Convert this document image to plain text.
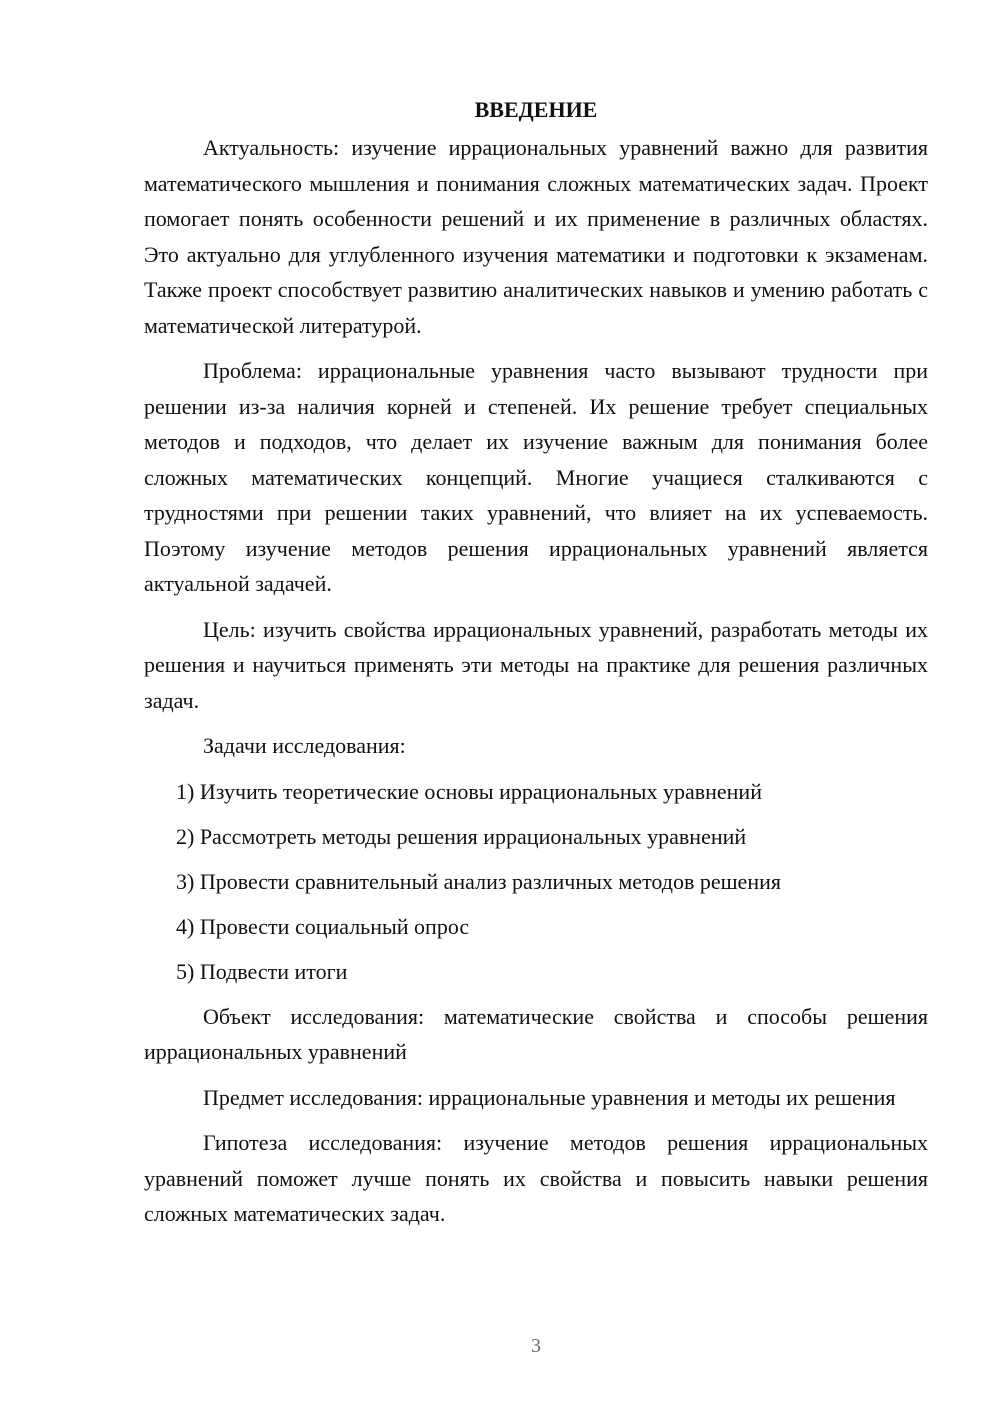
ВВЕДЕНИЕ

Актуальность: изучение иррациональных уравнений важно для развития математического мышления и понимания сложных математических задач. Проект помогает понять особенности решений и их применение в различных областях. Это актуально для углубленного изучения математики и подготовки к экзаменам. Также проект способствует развитию аналитических навыков и умению работать с математической литературой.

Проблема: иррациональные уравнения часто вызывают трудности при решении из-за наличия корней и степеней. Их решение требует специальных методов и подходов, что делает их изучение важным для понимания более сложных математических концепций. Многие учащиеся сталкиваются с трудностями при решении таких уравнений, что влияет на их успеваемость. Поэтому изучение методов решения иррациональных уравнений является актуальной задачей.

Цель: изучить свойства иррациональных уравнений, разработать методы их решения и научиться применять эти методы на практике для решения различных задач.

Задачи исследования:

1) Изучить теоретические основы иррациональных уравнений
2) Рассмотреть методы решения иррациональных уравнений
3) Провести сравнительный анализ различных методов решения
4) Провести социальный опрос
5) Подвести итоги

Объект исследования: математические свойства и способы решения иррациональных уравнений

Предмет исследования: иррациональные уравнения и методы их решения

Гипотеза исследования: изучение методов решения иррациональных уравнений поможет лучше понять их свойства и повысить навыки решения сложных математических задач.

3
